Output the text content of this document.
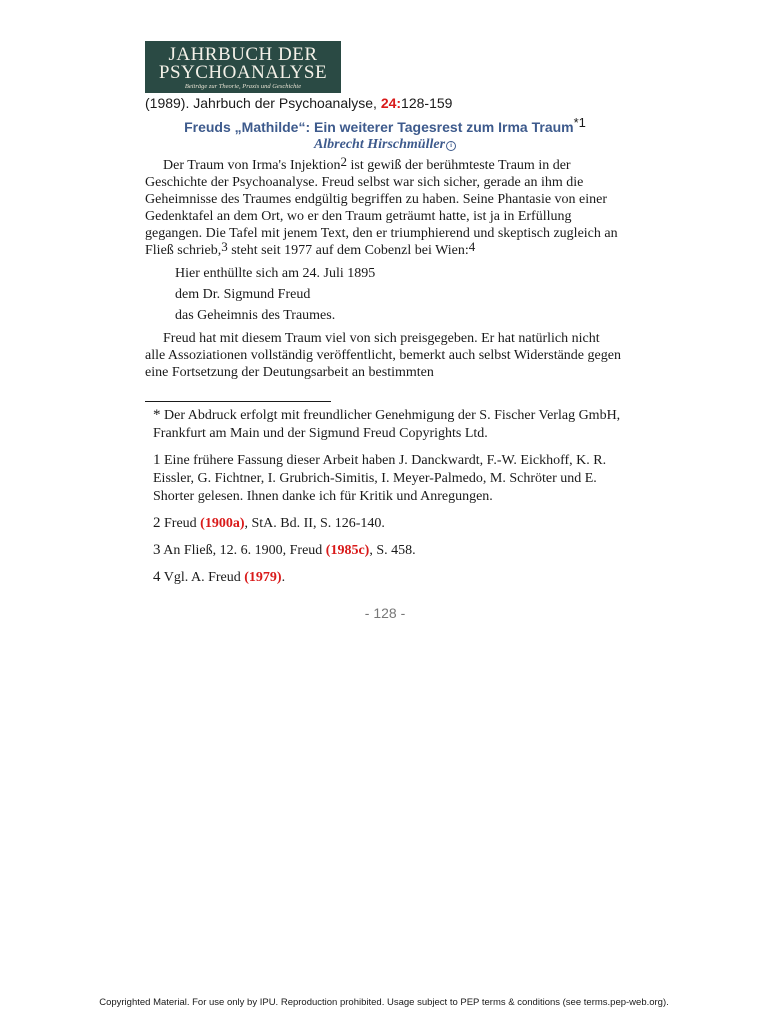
JAHRBUCH DER
PSYCHOANALYSE
Beiträge zur Theorie, Praxis und Geschichte
(1989). Jahrbuch der Psychoanalyse, 24:128-159
Freuds „Mathilde“: Ein weiterer Tagesrest zum Irma Traum$^{*1}$
Albrecht Hirschmüller i

Der Traum von Irma's Injektion$^2$ ist gewiß der berühmteste Traum in der Geschichte der Psychoanalyse. Freud selbst war sich sicher, gerade an ihm die Geheimnisse des Traumes endgültig begriffen zu haben. Seine Phantasie von einer Gedenktafel an dem Ort, wo er den Traum geträumt hatte, ist ja in Erfüllung gegangen. Die Tafel mit jenem Text, den er triumphierend und skeptisch zugleich an Fließ schrieb,$^3$ steht seit 1977 auf dem Cobenzl bei Wien:$^4$

Hier enthüllte sich am 24. Juli 1895
dem Dr. Sigmund Freud
das Geheimnis des Traumes.

Freud hat mit diesem Traum viel von sich preisgegeben. Er hat natürlich nicht alle Assoziationen vollständig veröffentlicht, bemerkt auch selbst Widerstände gegen eine Fortsetzung der Deutungsarbeit an bestimmten

* Der Abdruck erfolgt mit freundlicher Genehmigung der S. Fischer Verlag GmbH, Frankfurt am Main und der Sigmund Freud Copyrights Ltd.

1 Eine frühere Fassung dieser Arbeit haben J. Danckwardt, F.-W. Eickhoff, K. R. Eissler, G. Fichtner, I. Grubrich-Simitis, I. Meyer-Palmedo, M. Schröter und E. Shorter gelesen. Ihnen danke ich für Kritik und Anregungen.

2 Freud (1900a), StA. Bd. II, S. 126-140.

3 An Fließ, 12. 6. 1900, Freud (1985c), S. 458.

4 Vgl. A. Freud (1979).

- 128 -
Copyrighted Material. For use only by IPU. Reproduction prohibited. Usage subject to PEP terms & conditions (see terms.pep-web.org).
